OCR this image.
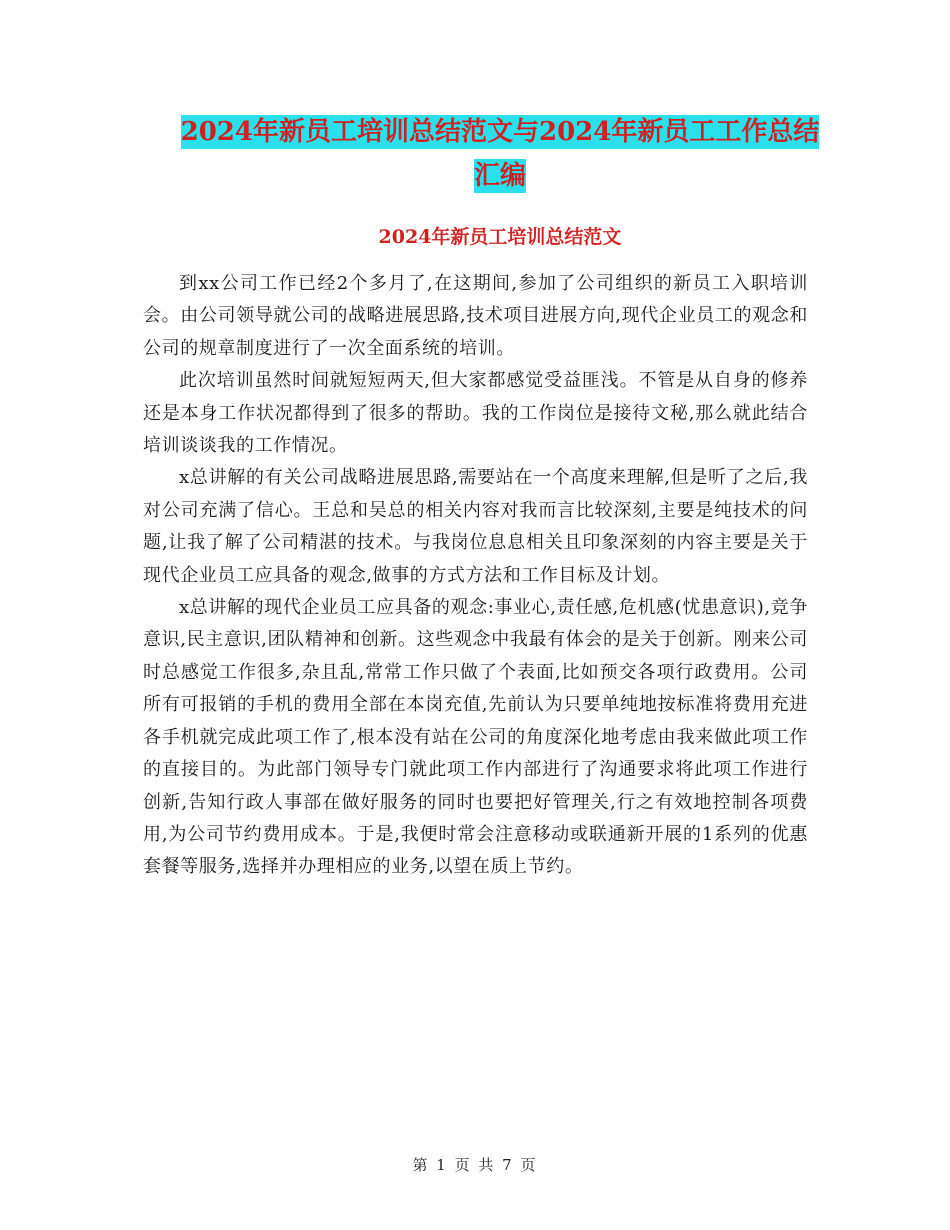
2024年新员工培训总结范文与2024年新员工工作总结
汇编
2024年新员工培训总结范文

到xx公司工作已经2个多月了,在这期间,参加了公司组织的新员工入职培训会。由公司领导就公司的战略进展思路,技术项目进展方向,现代企业员工的观念和公司的规章制度进行了一次全面系统的培训。

此次培训虽然时间就短短两天,但大家都感觉受益匪浅。不管是从自身的修养还是本身工作状况都得到了很多的帮助。我的工作岗位是接待文秘,那么就此结合培训谈谈我的工作情况。

x总讲解的有关公司战略进展思路,需要站在一个高度来理解,但是听了之后,我对公司充满了信心。王总和吴总的相关内容对我而言比较深刻,主要是纯技术的问题,让我了解了公司精湛的技术。与我岗位息息相关且印象深刻的内容主要是关于现代企业员工应具备的观念,做事的方式方法和工作目标及计划。

x总讲解的现代企业员工应具备的观念:事业心,责任感,危机感(忧患意识),竞争意识,民主意识,团队精神和创新。这些观念中我最有体会的是关于创新。刚来公司时总感觉工作很多,杂且乱,常常工作只做了个表面,比如预交各项行政费用。公司所有可报销的手机的费用全部在本岗充值,先前认为只要单纯地按标准将费用充进各手机就完成此项工作了,根本没有站在公司的角度深化地考虑由我来做此项工作的直接目的。为此部门领导专门就此项工作内部进行了沟通要求将此项工作进行创新,告知行政人事部在做好服务的同时也要把好管理关,行之有效地控制各项费用,为公司节约费用成本。于是,我便时常会注意移动或联通新开展的1系列的优惠套餐等服务,选择并办理相应的业务,以望在质上节约。

第 1 页 共 7 页
